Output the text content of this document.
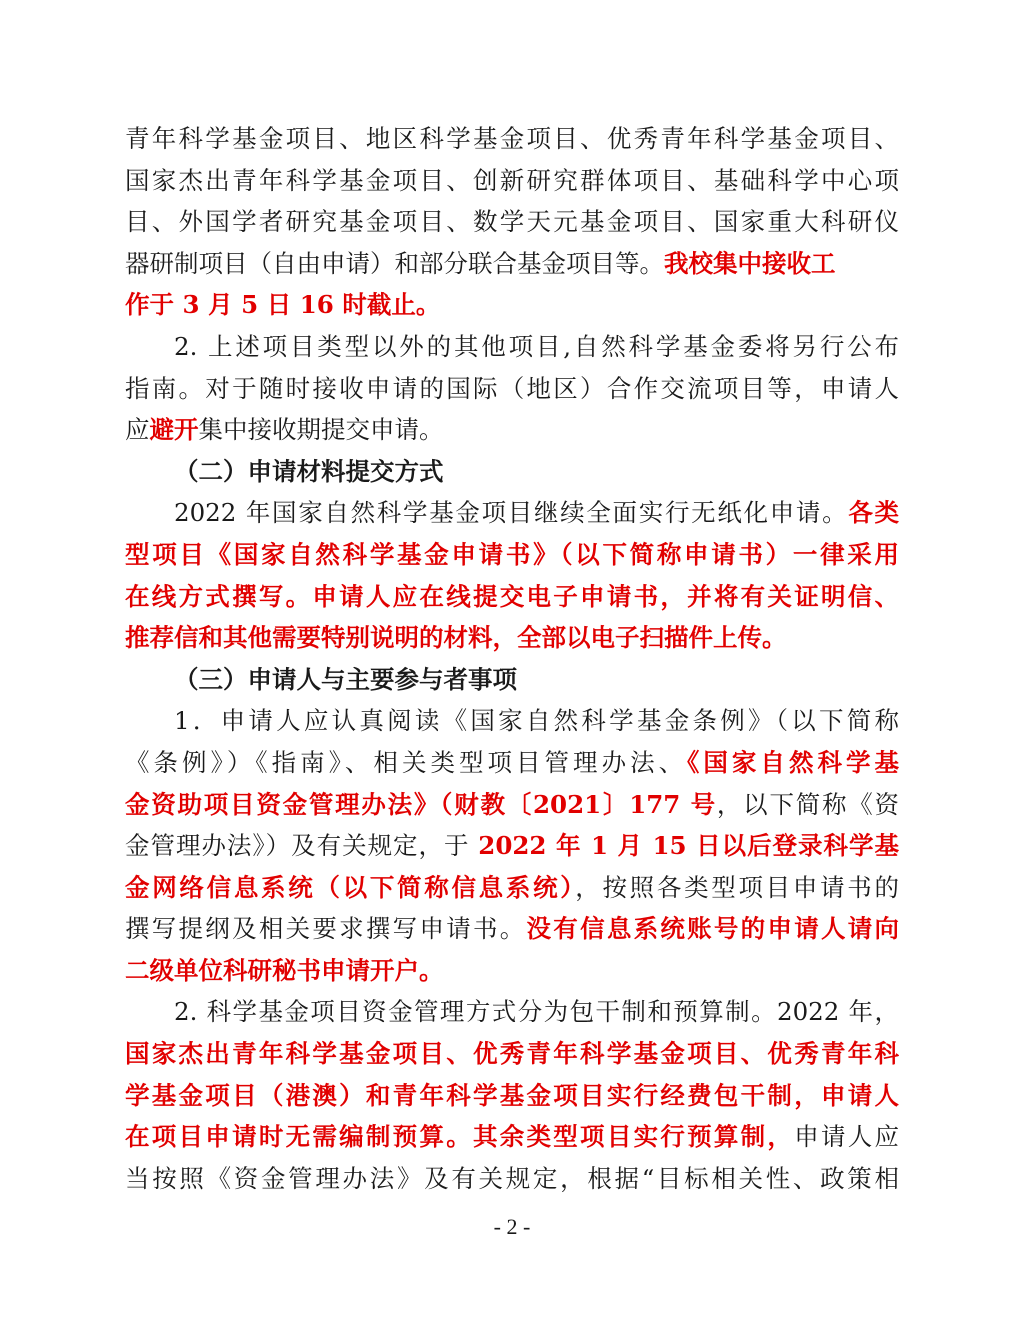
青年科学基金项目、地区科学基金项目、优秀青年科学基金项目、
国家杰出青年科学基金项目、创新研究群体项目、基础科学中心项
目、外国学者研究基金项目、数学天元基金项目、国家重大科研仪
器研制项目（自由申请）和部分联合基金项目等。我校集中接收工
作于 3 月 5 日 16 时截止。
2. 上述项目类型以外的其他项目,自然科学基金委将另行公布
指南。对于随时接收申请的国际（地区）合作交流项目等，申请人
应避开集中接收期提交申请。
（二）申请材料提交方式
2022 年国家自然科学基金项目继续全面实行无纸化申请。各类
型项目《国家自然科学基金申请书》（以下简称申请书）一律采用
在线方式撰写。申请人应在线提交电子申请书，并将有关证明信、
推荐信和其他需要特别说明的材料，全部以电子扫描件上传。
（三）申请人与主要参与者事项
1．申请人应认真阅读《国家自然科学基金条例》（以下简称
《条例》）《指南》、相关类型项目管理办法、《国家自然科学基
金资助项目资金管理办法》（财教〔2021〕177 号，以下简称《资
金管理办法》）及有关规定，于 2022 年 1 月 15 日以后登录科学基
金网络信息系统（以下简称信息系统），按照各类型项目申请书的
撰写提纲及相关要求撰写申请书。没有信息系统账号的申请人请向
二级单位科研秘书申请开户。
2. 科学基金项目资金管理方式分为包干制和预算制。2022 年，
国家杰出青年科学基金项目、优秀青年科学基金项目、优秀青年科
学基金项目（港澳）和青年科学基金项目实行经费包干制，申请人
在项目申请时无需编制预算。其余类型项目实行预算制，申请人应
当按照《资金管理办法》及有关规定，根据“目标相关性、政策相
- 2 -
